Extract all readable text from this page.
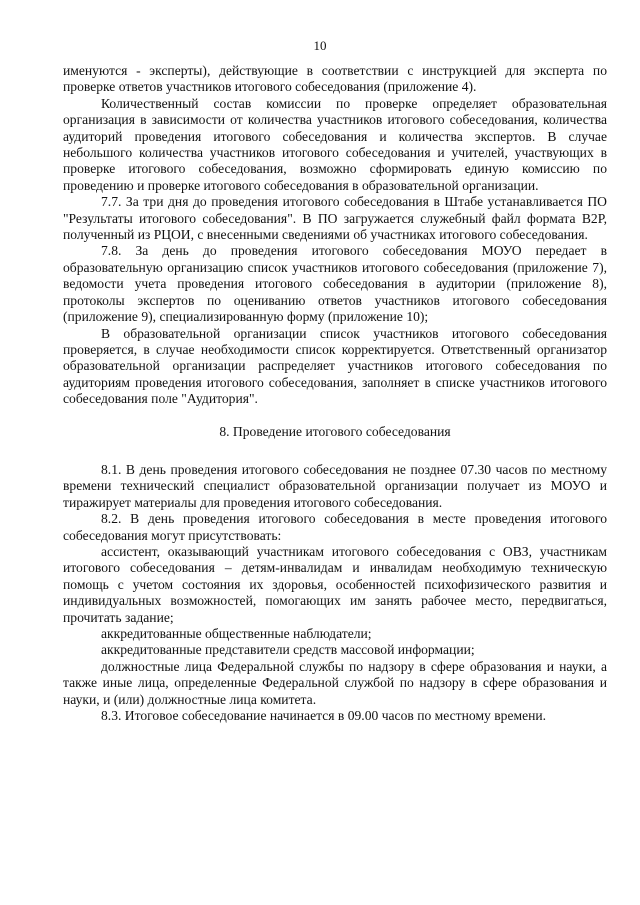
10

именуются - эксперты), действующие в соответствии с инструкцией для эксперта по проверке ответов участников итогового собеседования (приложение 4).

Количественный состав комиссии по проверке определяет образовательная организация в зависимости от количества участников итогового собеседования, количества аудиторий проведения итогового собеседования и количества экспертов. В случае небольшого количества участников итогового собеседования и учителей, участвующих в проверке итогового собеседования, возможно сформировать единую комиссию по проведению и проверке итогового собеседования в образовательной организации.

7.7. За три дня до проведения итогового собеседования в Штабе устанавливается ПО "Результаты итогового собеседования". В ПО загружается служебный файл формата В2Р, полученный из РЦОИ, с внесенными сведениями об участниках итогового собеседования.

7.8. За день до проведения итогового собеседования МОУО передает в образовательную организацию список участников итогового собеседования (приложение 7), ведомости учета проведения итогового собеседования в аудитории (приложение 8), протоколы экспертов по оцениванию ответов участников итогового собеседования (приложение 9), специализированную форму (приложение 10);

В образовательной организации список участников итогового собеседования проверяется, в случае необходимости список корректируется. Ответственный организатор образовательной организации распределяет участников итогового собеседования по аудиториям проведения итогового собеседования, заполняет в списке участников итогового собеседования поле "Аудитория".

8. Проведение итогового собеседования

8.1. В день проведения итогового собеседования не позднее 07.30 часов по местному времени технический специалист образовательной организации получает из МОУО и тиражирует материалы для проведения итогового собеседования.

8.2. В день проведения итогового собеседования в месте проведения итогового собеседования могут присутствовать:

ассистент, оказывающий участникам итогового собеседования с ОВЗ, участникам итогового собеседования – детям-инвалидам и инвалидам необходимую техническую помощь с учетом состояния их здоровья, особенностей психофизического развития и индивидуальных возможностей, помогающих им занять рабочее место, передвигаться, прочитать задание;

аккредитованные общественные наблюдатели;

аккредитованные представители средств массовой информации;

должностные лица Федеральной службы по надзору в сфере образования и науки, а также иные лица, определенные Федеральной службой по надзору в сфере образования и науки, и (или) должностные лица комитета.

8.3. Итоговое собеседование начинается в 09.00 часов по местному времени.
